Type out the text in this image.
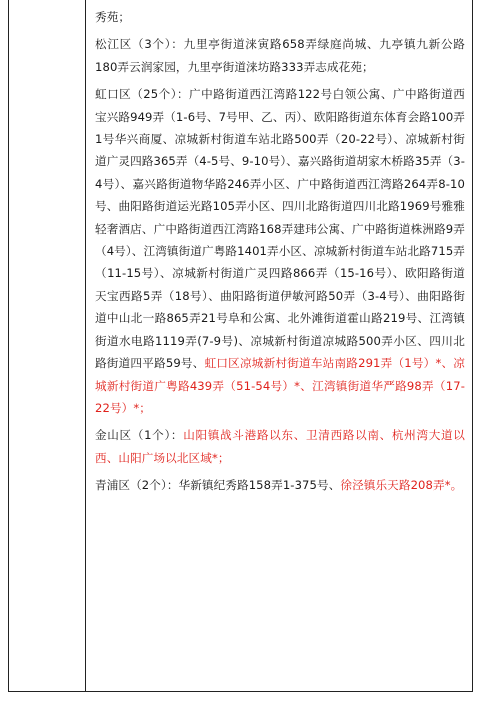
秀苑；

松江区（3个）：九里亭街道涞寅路658弄绿庭尚城、九亭镇九新公路180弄云润家园，九里亭街道涞坊路333弄志成花苑；

虹口区（25个）：广中路街道西江湾路122号白领公寓、广中路街道西宝兴路949弄（1-6号、7号甲、乙、丙）、欧阳路街道东体育会路100弄1号华兴商厦、凉城新村街道车站北路500弄（20-22号）、凉城新村街道广灵四路365弄（4-5号、9-10号）、嘉兴路街道胡家木桥路35弄（3-4号）、嘉兴路街道物华路246弄小区、广中路街道西江湾路264弄8-10号、曲阳路街道运光路105弄小区、四川北路街道四川北路1969号雅雅轻奢酒店、广中路街道西江湾路168弄建玮公寓、广中路街道株洲路9弄（4号）、江湾镇街道广粤路1401弄小区、凉城新村街道车站北路715弄（11-15号）、凉城新村街道广灵四路866弄（15-16号）、欧阳路街道天宝西路5弄（18号）、曲阳路街道伊敏河路50弄（3-4号）、曲阳路街道中山北一路865弄21号阜和公寓、北外滩街道霍山路219号、江湾镇街道水电路1119弄(7-9号)、凉城新村街道凉城路500弄小区、四川北路街道四平路59号、虹口区凉城新村街道车站南路291弄（1号）*、凉城新村街道广粤路439弄（51-54号）*、江湾镇街道华严路98弄（17-22号）*；

金山区（1个）：山阳镇战斗港路以东、卫清西路以南、杭州湾大道以西、山阳广场以北区域*；

青浦区（2个）：华新镇纪秀路158弄1-375号、徐泾镇乐天路208弄*。
